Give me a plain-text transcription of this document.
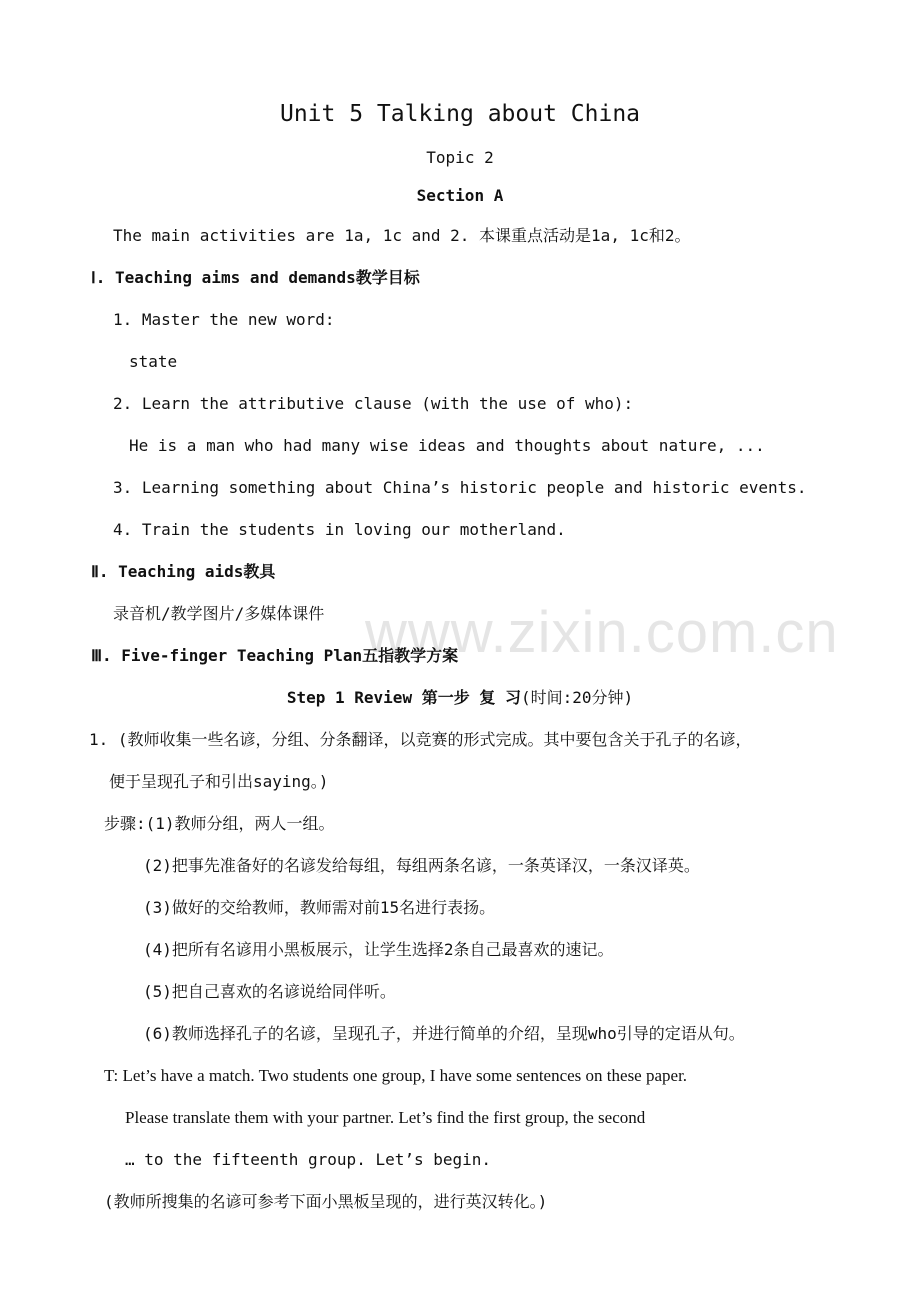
Unit 5 Talking about China
Topic 2
Section A
The main activities are 1a, 1c and 2. 本课重点活动是1a, 1c和2。
Ⅰ. Teaching aims and demands教学目标
1. Master the new word:
state
2. Learn the attributive clause (with the use of who):
He is a man who had many wise ideas and thoughts about nature, ...
3. Learning something about China’s historic people and historic events.
4. Train the students in loving our motherland.
Ⅱ. Teaching aids教具
录音机/教学图片/多媒体课件 www.zixin.com.cn
Ⅲ. Five-finger Teaching Plan五指教学方案
Step 1 Review 第一步 复 习(时间:20分钟)
1. (教师收集一些名谚，分组、分条翻译，以竞赛的形式完成。其中要包含关于孔子的名谚，
便于呈现孔子和引出saying。)
步骤:(1)教师分组，两人一组。
(2)把事先准备好的名谚发给每组，每组两条名谚，一条英译汉，一条汉译英。
(3)做好的交给教师，教师需对前15名进行表扬。
(4)把所有名谚用小黑板展示，让学生选择2条自己最喜欢的速记。
(5)把自己喜欢的名谚说给同伴听。
(6)教师选择孔子的名谚，呈现孔子，并进行简单的介绍，呈现who引导的定语从句。
T: Let’s have a match. Two students one group, I have some sentences on these paper.
Please translate them with your partner. Let’s find the first group, the second
… to the fifteenth group. Let’s begin.
(教师所搜集的名谚可参考下面小黑板呈现的，进行英汉转化。)
